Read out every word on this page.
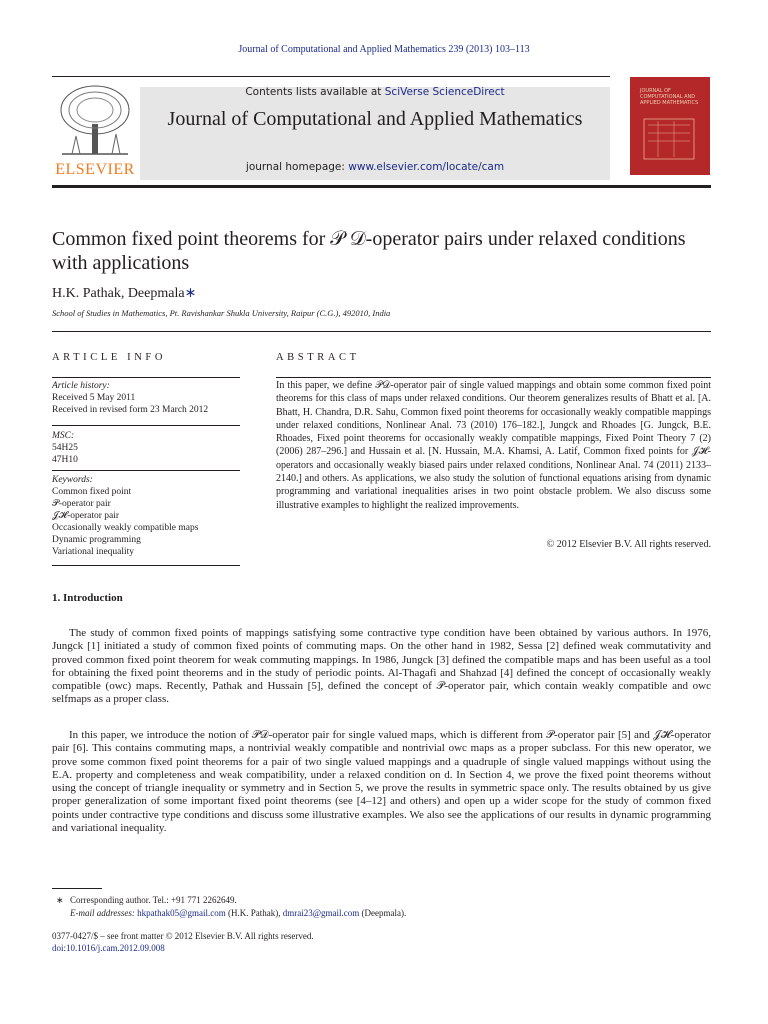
Journal of Computational and Applied Mathematics 239 (2013) 103–113
ELSEVIER
Contents lists available at SciVerse ScienceDirect
Journal of Computational and Applied Mathematics
journal homepage: www.elsevier.com/locate/cam
JOURNAL OF COMPUTATIONAL AND APPLIED MATHEMATICS
Common fixed point theorems for 𝒫 𝒟-operator pairs under relaxed conditions with applications
H.K. Pathak, Deepmala∗
School of Studies in Mathematics, Pt. Ravishankar Shukla University, Raipur (C.G.), 492010, India
ARTICLE INFO
Article history:
Received 5 May 2011
Received in revised form 23 March 2012
MSC:
54H25
47H10
Keywords:
Common fixed point
𝒫-operator pair
𝒥𝓗-operator pair
Occasionally weakly compatible maps
Dynamic programming
Variational inequality
ABSTRACT
In this paper, we define 𝒫𝒟-operator pair of single valued mappings and obtain some common fixed point theorems for this class of maps under relaxed conditions. Our theorem generalizes results of Bhatt et al. [A. Bhatt, H. Chandra, D.R. Sahu, Common fixed point theorems for occasionally weakly compatible mappings under relaxed conditions, Nonlinear Anal. 73 (2010) 176–182.], Jungck and Rhoades [G. Jungck, B.E. Rhoades, Fixed point theorems for occasionally weakly compatible mappings, Fixed Point Theory 7 (2) (2006) 287–296.] and Hussain et al. [N. Hussain, M.A. Khamsi, A. Latif, Common fixed points for 𝒥𝓗-operators and occasionally weakly biased pairs under relaxed conditions, Nonlinear Anal. 74 (2011) 2133–2140.] and others. As applications, we also study the solution of functional equations arising from dynamic programming and variational inequalities arises in two point obstacle problem. We also discuss some illustrative examples to highlight the realized improvements.
© 2012 Elsevier B.V. All rights reserved.
1. Introduction

The study of common fixed points of mappings satisfying some contractive type condition have been obtained by various authors. In 1976, Jungck [1] initiated a study of common fixed points of commuting maps. On the other hand in 1982, Sessa [2] defined weak commutativity and proved common fixed point theorem for weak commuting mappings. In 1986, Jungck [3] defined the compatible maps and has been useful as a tool for obtaining the fixed point theorems and in the study of periodic points. Al-Thagafi and Shahzad [4] defined the concept of occasionally weakly compatible (owc) maps. Recently, Pathak and Hussain [5], defined the concept of 𝒫-operator pair, which contain weakly compatible and owc selfmaps as a proper class.

In this paper, we introduce the notion of 𝒫𝒟-operator pair for single valued maps, which is different from 𝒫-operator pair [5] and 𝒥𝓗-operator pair [6]. This contains commuting maps, a nontrivial weakly compatible and nontrivial owc maps as a proper subclass. For this new operator, we prove some common fixed point theorems for a pair of two single valued mappings and a quadruple of single valued mappings without using the E.A. property and completeness and weak compatibility, under a relaxed condition on d. In Section 4, we prove the fixed point theorems without using the concept of triangle inequality or symmetry and in Section 5, we prove the results in symmetric space only. The results obtained by us give proper generalization of some important fixed point theorems (see [4–12] and others) and open up a wider scope for the study of common fixed points under contractive type conditions and discuss some illustrative examples. We also see the applications of our results in dynamic programming and variational inequality.

∗ Corresponding author. Tel.: +91 771 2262649.
E-mail addresses: hkpathak05@gmail.com (H.K. Pathak), dmrai23@gmail.com (Deepmala).
0377-0427/$ – see front matter © 2012 Elsevier B.V. All rights reserved.
doi:10.1016/j.cam.2012.09.008
